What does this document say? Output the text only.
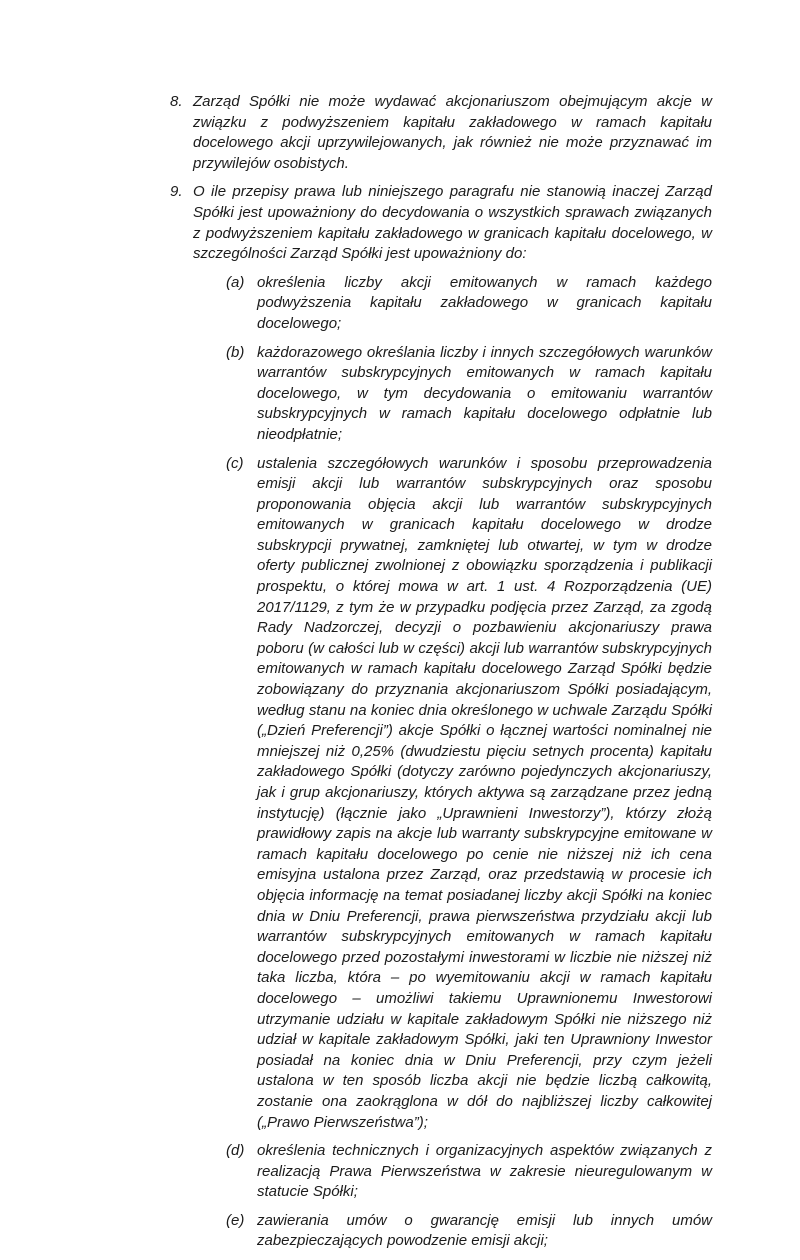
8. Zarząd Spółki nie może wydawać akcjonariuszom obejmującym akcje w związku z podwyższeniem kapitału zakładowego w ramach kapitału docelowego akcji uprzywilejowanych, jak również nie może przyznawać im przywilejów osobistych.
9. O ile przepisy prawa lub niniejszego paragrafu nie stanowią inaczej Zarząd Spółki jest upoważniony do decydowania o wszystkich sprawach związanych z podwyższeniem kapitału zakładowego w granicach kapitału docelowego, w szczególności Zarząd Spółki jest upoważniony do:
(a) określenia liczby akcji emitowanych w ramach każdego podwyższenia kapitału zakładowego w granicach kapitału docelowego;
(b) każdorazowego określania liczby i innych szczegółowych warunków warrantów subskrypcyjnych emitowanych w ramach kapitału docelowego, w tym decydowania o emitowaniu warrantów subskrypcyjnych w ramach kapitału docelowego odpłatnie lub nieodpłatnie;
(c) ustalenia szczegółowych warunków i sposobu przeprowadzenia emisji akcji lub warrantów subskrypcyjnych oraz sposobu proponowania objęcia akcji lub warrantów subskrypcyjnych emitowanych w granicach kapitału docelowego w drodze subskrypcji prywatnej, zamkniętej lub otwartej, w tym w drodze oferty publicznej zwolnionej z obowiązku sporządzenia i publikacji prospektu, o której mowa w art. 1 ust. 4 Rozporządzenia (UE) 2017/1129, z tym że w przypadku podjęcia przez Zarząd, za zgodą Rady Nadzorczej, decyzji o pozbawieniu akcjonariuszy prawa poboru (w całości lub w części) akcji lub warrantów subskrypcyjnych emitowanych w ramach kapitału docelowego Zarząd Spółki będzie zobowiązany do przyznania akcjonariuszom Spółki posiadającym, według stanu na koniec dnia określonego w uchwale Zarządu Spółki („Dzień Preferencji”) akcje Spółki o łącznej wartości nominalnej nie mniejszej niż 0,25% (dwudziestu pięciu setnych procenta) kapitału zakładowego Spółki (dotyczy zarówno pojedynczych akcjonariuszy, jak i grup akcjonariuszy, których aktywa są zarządzane przez jedną instytucję) (łącznie jako „Uprawnieni Inwestorzy”), którzy złożą prawidłowy zapis na akcje lub warranty subskrypcyjne emitowane w ramach kapitału docelowego po cenie nie niższej niż ich cena emisyjna ustalona przez Zarząd, oraz przedstawią w procesie ich objęcia informację na temat posiadanej liczby akcji Spółki na koniec dnia w Dniu Preferencji, prawa pierwszeństwa przydziału akcji lub warrantów subskrypcyjnych emitowanych w ramach kapitału docelowego przed pozostałymi inwestorami w liczbie nie niższej niż taka liczba, która – po wyemitowaniu akcji w ramach kapitału docelowego – umożliwi takiemu Uprawnionemu Inwestorowi utrzymanie udziału w kapitale zakładowym Spółki nie niższego niż udział w kapitale zakładowym Spółki, jaki ten Uprawniony Inwestor posiadał na koniec dnia w Dniu Preferencji, przy czym jeżeli ustalona w ten sposób liczba akcji nie będzie liczbą całkowitą, zostanie ona zaokrąglona w dół do najbliższej liczby całkowitej („Prawo Pierwszeństwa”);
(d) określenia technicznych i organizacyjnych aspektów związanych z realizacją Prawa Pierwszeństwa w zakresie nieuregulowanym w statucie Spółki;
(e) zawierania umów o gwarancję emisji lub innych umów zabezpieczających powodzenie emisji akcji;
